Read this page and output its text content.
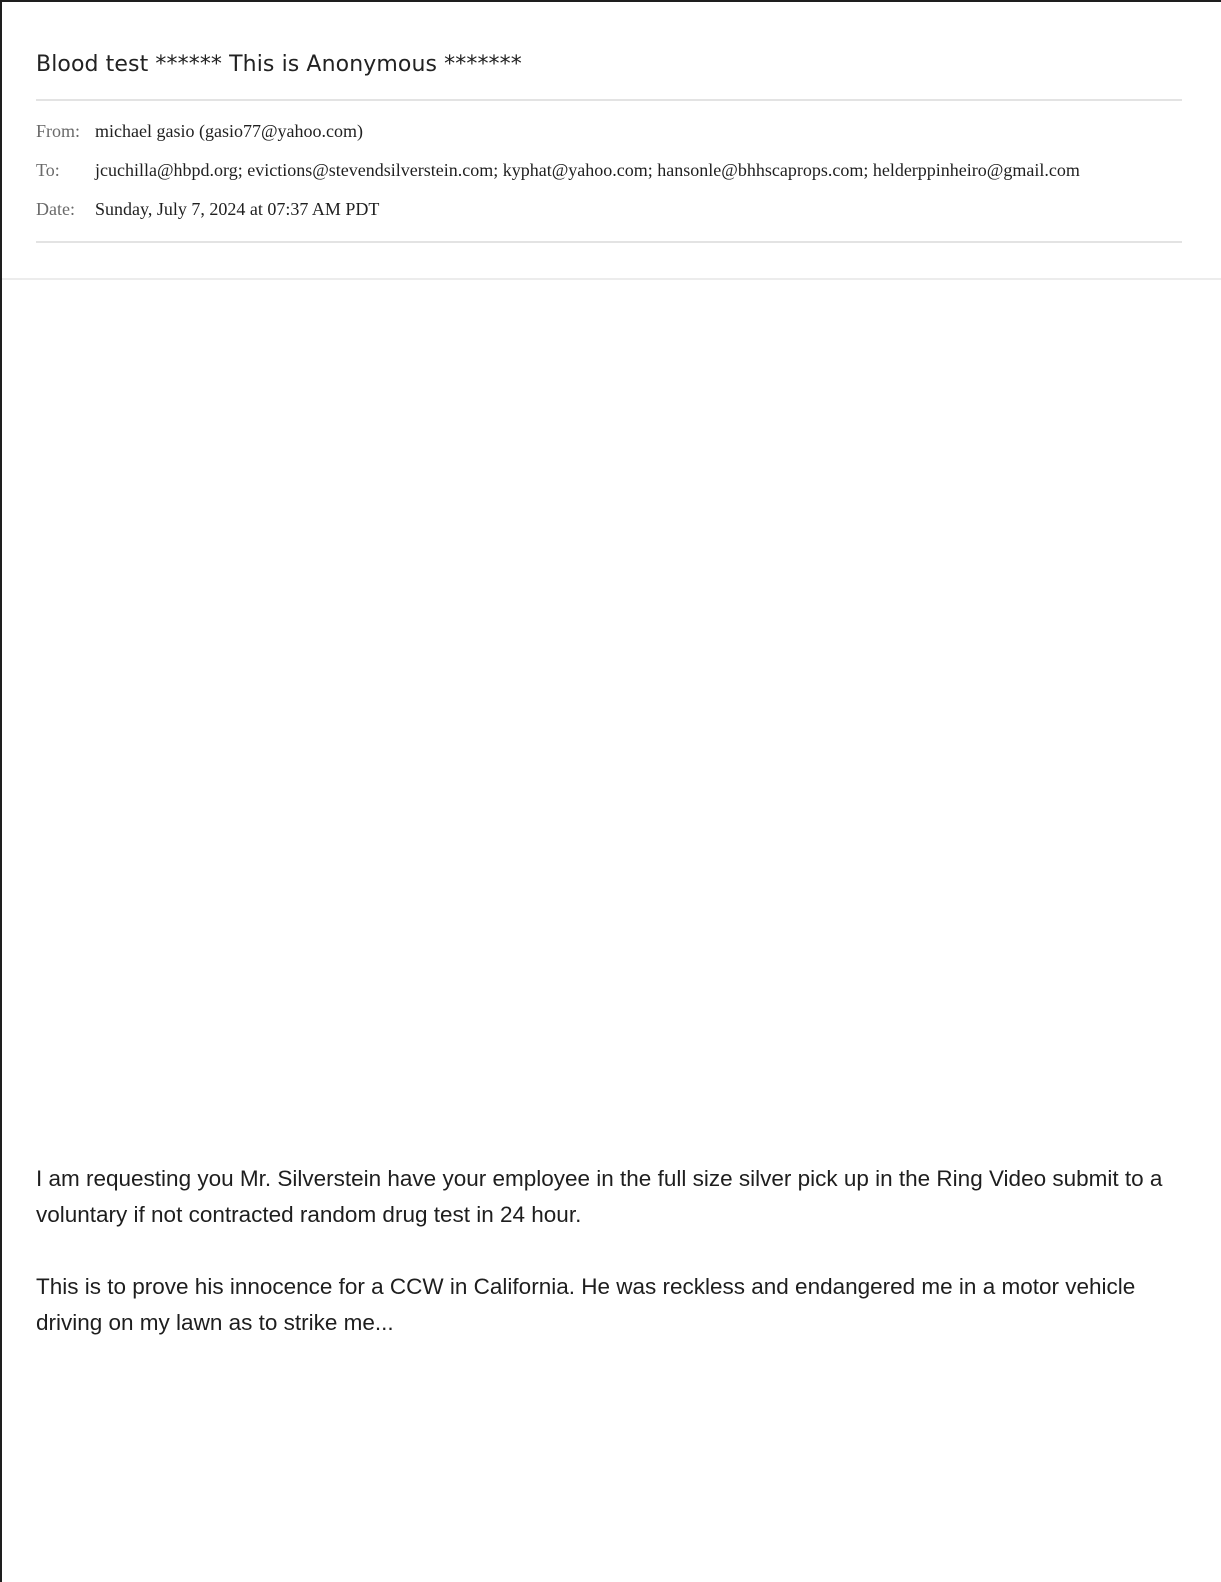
Blood test ****** This is Anonymous *******
From: michael gasio (gasio77@yahoo.com)
To:	jcuchilla@hbpd.org; evictions@stevendsilverstein.com; kyphat@yahoo.com; hansonle@bhhscaprops.com; helderppinheiro@gmail.com
Date:	Sunday, July 7, 2024 at 07:37 AM PDT

I am requesting you Mr. Silverstein have your employee in the full size silver pick up in the Ring Video submit to a voluntary if not contracted random drug test in 24 hour.

This is to prove his innocence for a CCW in California. He was reckless and endangered me in a motor vehicle driving on my lawn as to strike me...
